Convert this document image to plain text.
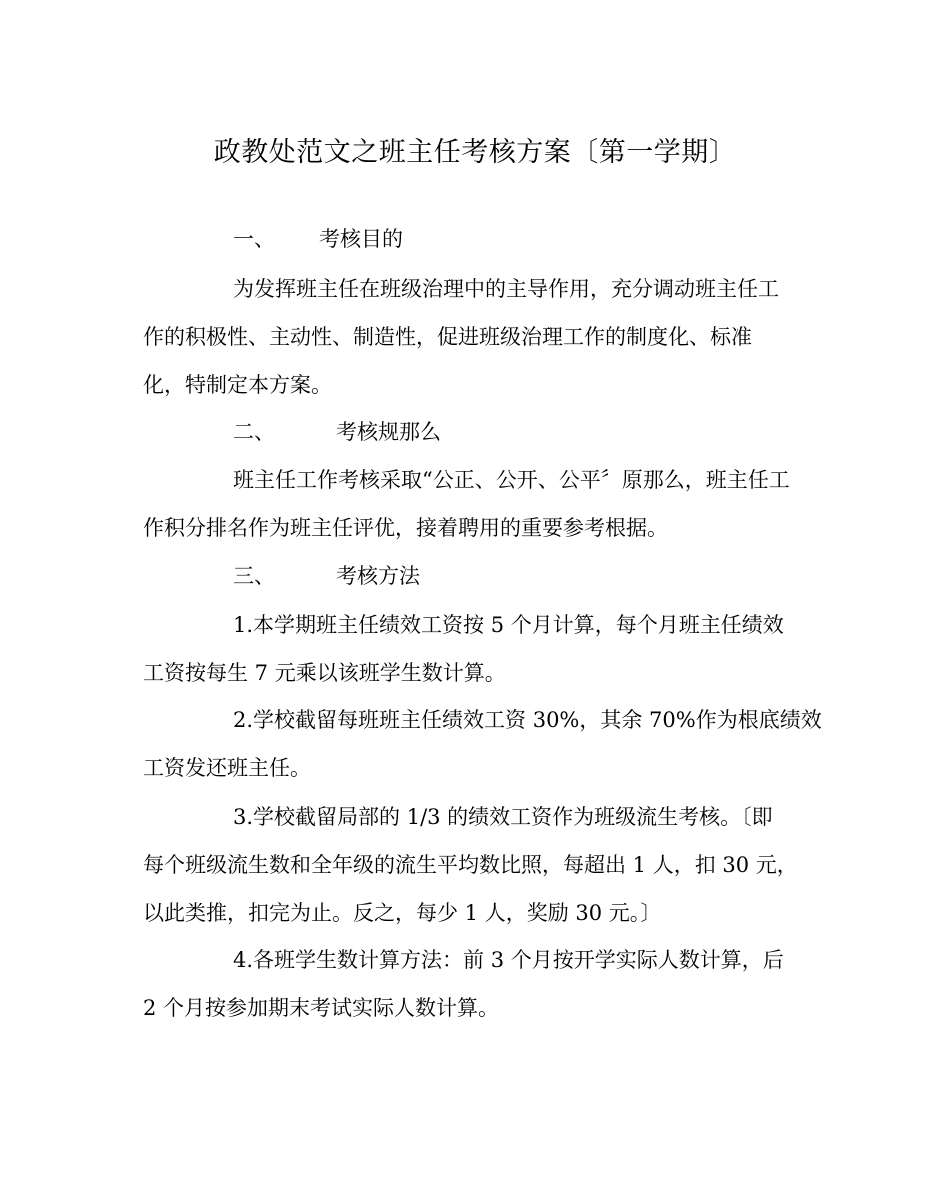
政教处范文之班主任考核方案〔第一学期〕
一、 考核目的
为发挥班主任在班级治理中的主导作用，充分调动班主任工
作的积极性、主动性、制造性，促进班级治理工作的制度化、标准
化，特制定本方案。
二、	考核规那么
班主任工作考核采取“公正、公开、公平〞原那么，班主任工
作积分排名作为班主任评优，接着聘用的重要参考根据。
三、	考核方法
1.本学期班主任绩效工资按 5 个月计算，每个月班主任绩效
工资按每生 7 元乘以该班学生数计算。
2.学校截留每班班主任绩效工资 30%，其余 70%作为根底绩效
工资发还班主任。
3.学校截留局部的 1/3 的绩效工资作为班级流生考核。〔即
每个班级流生数和全年级的流生平均数比照，每超出 1 人，扣 30 元，
以此类推，扣完为止。反之，每少 1 人，奖励 30 元。〕
4.各班学生数计算方法：前 3 个月按开学实际人数计算，后
2 个月按参加期末考试实际人数计算。
